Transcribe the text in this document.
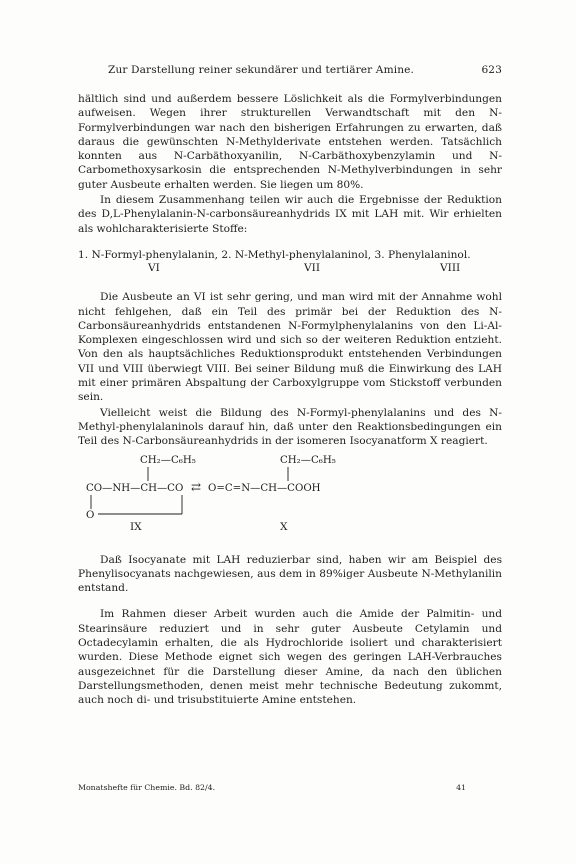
Zur Darstellung reiner sekundärer und tertiärer Amine.	623

hältlich sind und außerdem bessere Löslichkeit als die Formylverbindungen aufweisen. Wegen ihrer strukturellen Verwandtschaft mit den N-Formylverbindungen war nach den bisherigen Erfahrungen zu erwarten, daß daraus die gewünschten N-Methylderivate entstehen werden. Tatsächlich konnten aus N-Carbäthoxyanilin, N-Carbäthoxybenzylamin und N-Carbomethoxysarkosin die entsprechenden N-Methylverbindungen in sehr guter Ausbeute erhalten werden. Sie liegen um 80%.

In diesem Zusammenhang teilen wir auch die Ergebnisse der Reduktion des D,L-Phenylalanin-N-carbonsäureanhydrids IX mit LAH mit. Wir erhielten als wohlcharakterisierte Stoffe:

1. N-Formyl-phenylalanin, 2. N-Methyl-phenylalaninol, 3. Phenylalaninol.
VI	VII	VIII

Die Ausbeute an VI ist sehr gering, und man wird mit der Annahme wohl nicht fehlgehen, daß ein Teil des primär bei der Reduktion des N-Carbonsäureanhydrids entstandenen N-Formylphenylalanins von den Li-Al-Komplexen eingeschlossen wird und sich so der weiteren Reduktion entzieht. Von den als hauptsächliches Reduktionsprodukt entstehenden Verbindungen VII und VIII überwiegt VIII. Bei seiner Bildung muß die Einwirkung des LAH mit einer primären Abspaltung der Carboxylgruppe vom Stickstoff verbunden sein.

Vielleicht weist die Bildung des N-Formyl-phenylalanins und des N-Methyl-phenylalaninols darauf hin, daß unter den Reaktionsbedingungen ein Teil des N-Carbonsäureanhydrids in der isomeren Isocyanatform X reagiert.

CH₂—C₆H₅
CO—NH—CH—CO ⇄ O=C=N—CH—COOH
CH₂—C₆H₅
O
IX	X

Daß Isocyanate mit LAH reduzierbar sind, haben wir am Beispiel des Phenylisocyanats nachgewiesen, aus dem in 89%iger Ausbeute N-Methylanilin entstand.

Im Rahmen dieser Arbeit wurden auch die Amide der Palmitin- und Stearinsäure reduziert und in sehr guter Ausbeute Cetylamin und Octadecylamin erhalten, die als Hydrochloride isoliert und charakterisiert wurden. Diese Methode eignet sich wegen des geringen LAH-Verbrauches ausgezeichnet für die Darstellung dieser Amine, da nach den üblichen Darstellungsmethoden, denen meist mehr technische Bedeutung zukommt, auch noch di- und trisubstituierte Amine entstehen.

Monatshefte für Chemie. Bd. 82/4.	41
